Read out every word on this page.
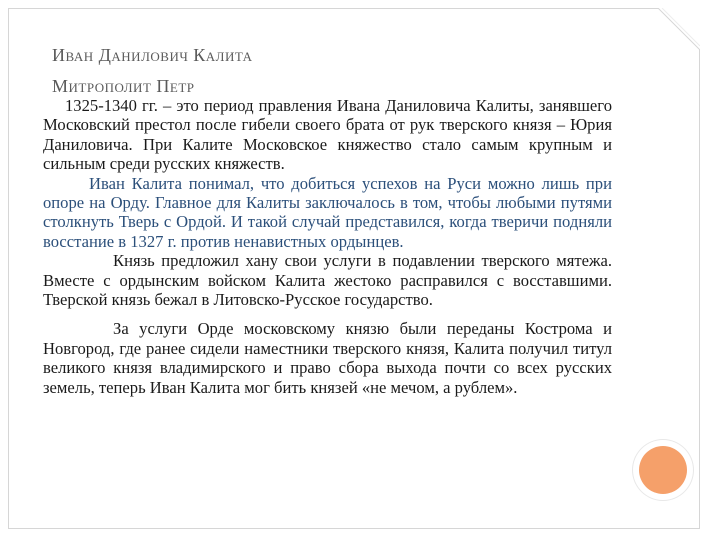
Иван Данилович Калита
Митрополит Петр

1325-1340 гг. – это период правления Ивана Даниловича Калиты, занявшего Московский престол после гибели своего брата от рук тверского князя – Юрия Даниловича. При Калите Московское княжество стало самым крупным и сильным среди русских княжеств.

Иван Калита понимал, что добиться успехов на Руси можно лишь при опоре на Орду. Главное для Калиты заключалось в том, чтобы любыми путями столкнуть Тверь с Ордой. И такой случай представился, когда тверичи подняли восстание в 1327 г. против ненавистных ордынцев.

Князь предложил хану свои услуги в подавлении тверского мятежа. Вместе с ордынским войском Калита жестоко расправился с восставшими. Тверской князь бежал в Литовско-Русское государство.

За услуги Орде московскому князю были переданы Кострома и Новгород, где ранее сидели наместники тверского князя, Калита получил титул великого князя владимирского и право сбора выхода почти со всех русских земель, теперь Иван Калита мог бить князей «не мечом, а рублем».
